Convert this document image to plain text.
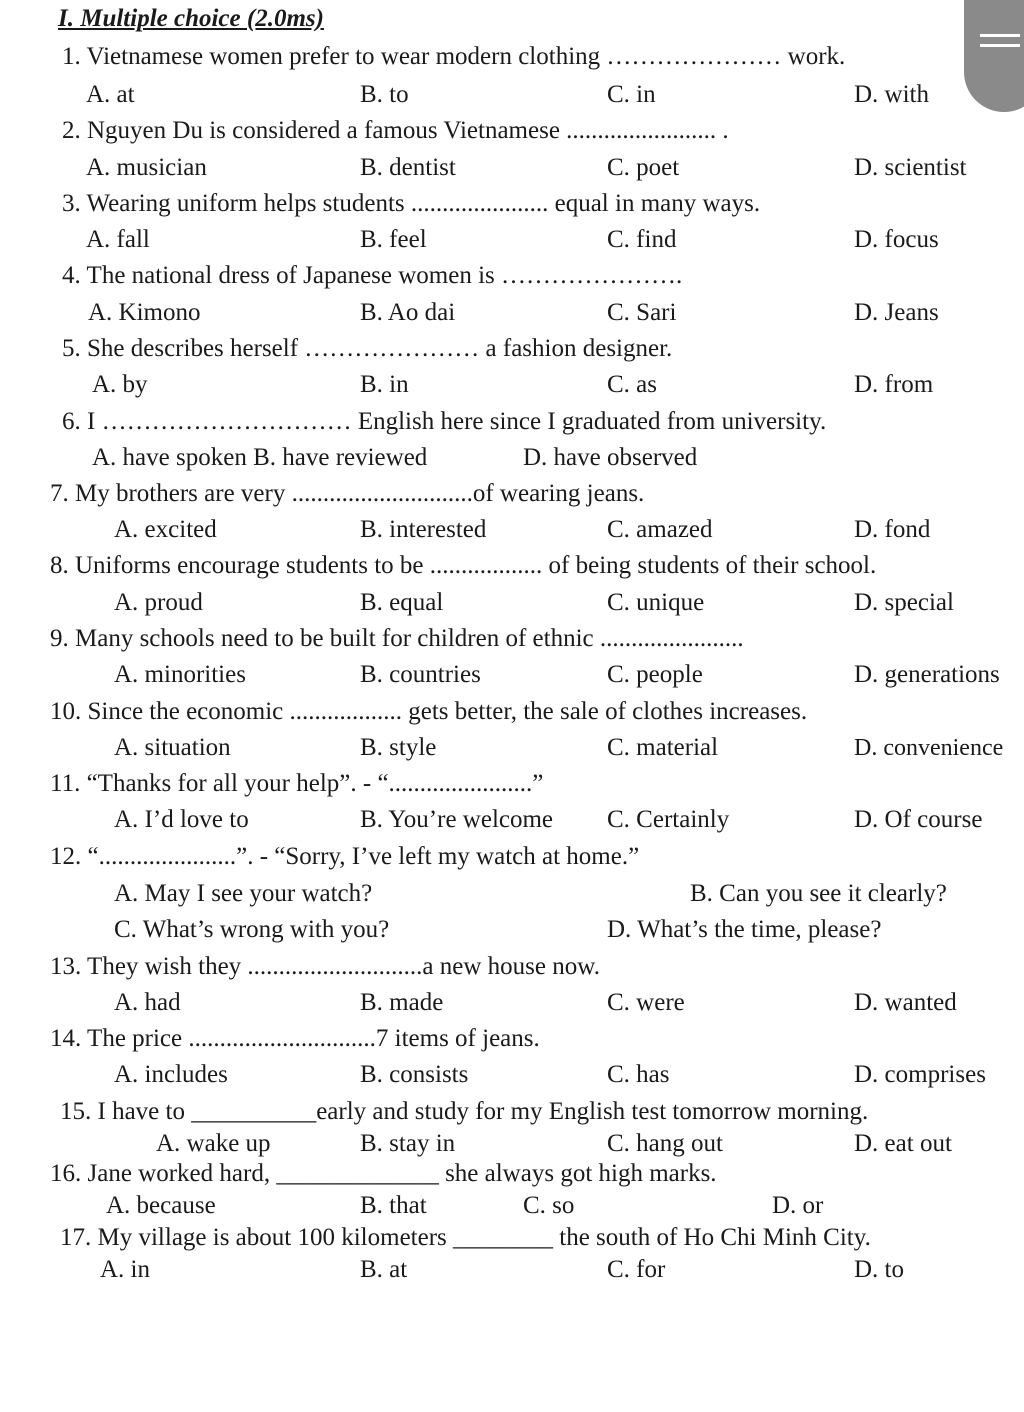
I. Multiple choice (2.0ms)
1. Vietnamese women prefer to wear modern clothing ………………… work.
A. at	B. to	C. in	D. with
2. Nguyen Du is considered a famous Vietnamese ........................ .
A. musician	B. dentist	C. poet	D. scientist
3. Wearing uniform helps students ...................... equal in many ways.
A. fall	B. feel	C. find	D. focus
4. The national dress of Japanese women is ………………….
A. Kimono	B. Ao dai	C. Sari	D. Jeans
5. She describes herself ………………… a fashion designer.
A. by	B. in	C. as	D. from
6. I ………………………… English here since I graduated from university.
A. have spoken B. have reviewed	D. have observed
7. My brothers are very .............................of wearing jeans.
A. excited	B. interested	C. amazed	D. fond
8. Uniforms encourage students to be .................. of being students of their school.
A. proud	B. equal	C. unique	D. special
9. Many schools need to be built for children of ethnic .......................
A. minorities	B. countries	C. people	D. generations
10. Since the economic .................. gets better, the sale of clothes increases.
A. situation	B. style	C. material	D. convenience
11. “Thanks for all your help”. - “.......................”
A. I’d love to	B. You’re welcome C. Certainly	D. Of course
12. “......................”. - “Sorry, I’ve left my watch at home.”
A. May I see your watch?	B. Can you see it clearly?
C. What’s wrong with you?	D. What’s the time, please?
13. They wish they ............................a new house now.
A. had	B. made	C. were	D. wanted
14. The price ..............................7 items of jeans.
A. includes	B. consists	C. has	D. comprises
15. I have to __________early and study for my English test tomorrow morning.
A. wake up	B. stay in	C. hang out	D. eat out
16. Jane worked hard, _____________ she always got high marks.
A. because	B. that	C. so	D. or
17. My village is about 100 kilometers ________ the south of Ho Chi Minh City.
A. in	B. at	C. for	D. to
